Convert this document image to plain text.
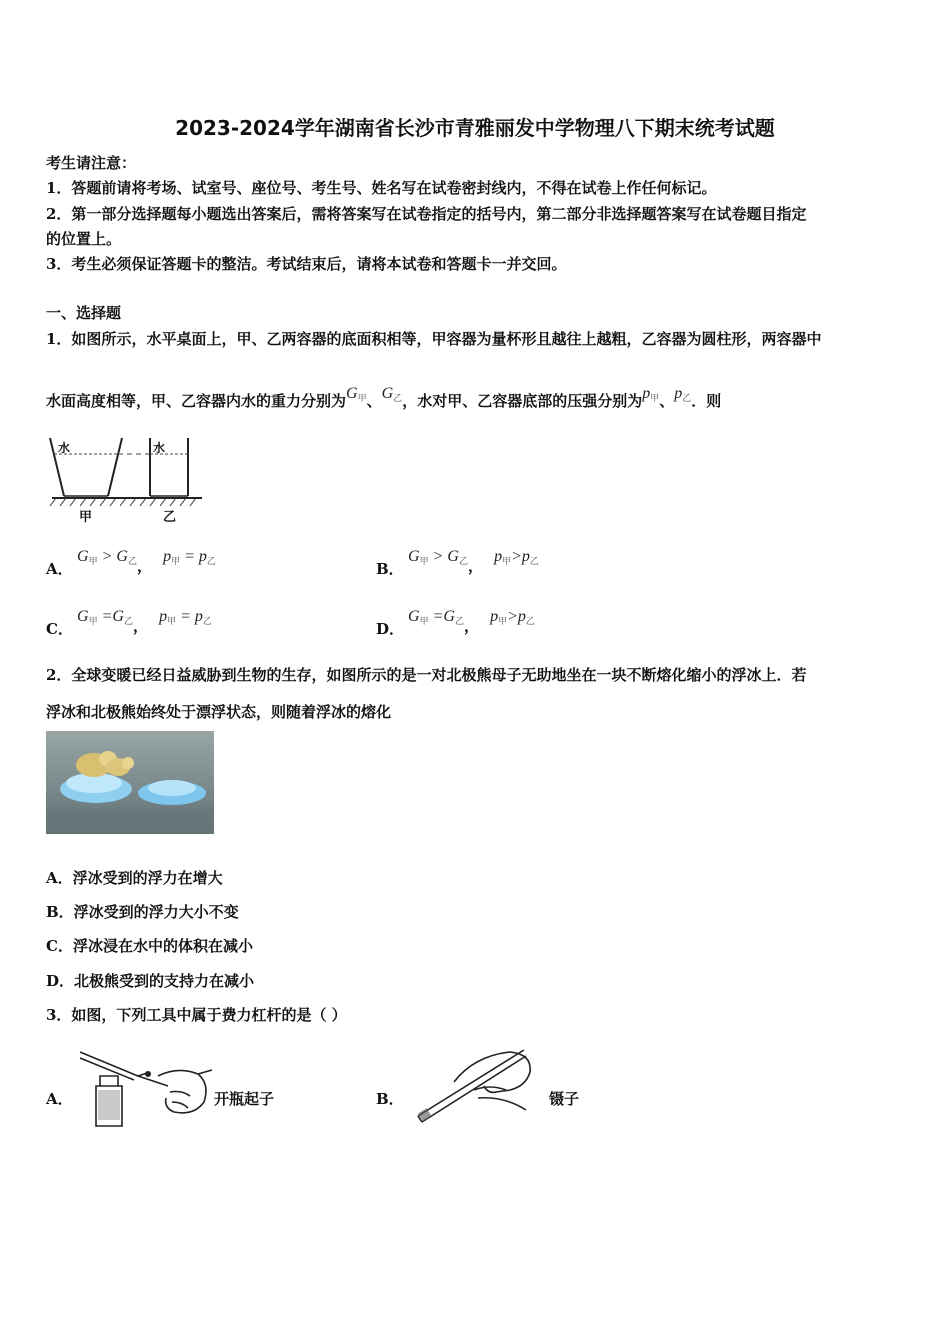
2023-2024学年湖南省长沙市青雅丽发中学物理八下期末统考试题
考生请注意：
1．答题前请将考场、试室号、座位号、考生号、姓名写在试卷密封线内，不得在试卷上作任何标记。
2．第一部分选择题每小题选出答案后，需将答案写在试卷指定的括号内，第二部分非选择题答案写在试卷题目指定
的位置上。
3．考生必须保证答题卡的整洁。考试结束后，请将本试卷和答题卡一并交回。
一、选择题
1．如图所示，水平桌面上，甲、乙两容器的底面积相等，甲容器为量杯形且越往上越粗，乙容器为圆柱形，两容器中
水面高度相等，甲、乙容器内水的重力分别为$G_甲$、$G_乙$，水对甲、乙容器底部的压强分别为$p_甲$、$p_乙$．则
水	水
甲	乙
A．
$G_甲 > G_乙$， $p_甲 = p_乙$	B．
$G_甲 > G_乙$， $p_甲>p_乙$
C．
$G_甲 =G_乙$， $p_甲 = p_乙$	D．
$G_甲 =G_乙$， $p_甲>p_乙$
2．全球变暖已经日益威胁到生物的生存，如图所示的是一对北极熊母子无助地坐在一块不断熔化缩小的浮冰上．若
浮冰和北极熊始终处于漂浮状态，则随着浮冰的熔化
A．浮冰受到的浮力在增大
B．浮冰受到的浮力大小不变
C．浮冰浸在水中的体积在减小
D．北极熊受到的支持力在减小
3．如图，下列工具中属于费力杠杆的是（ ）
A．	开瓶起子	B．	镊子
